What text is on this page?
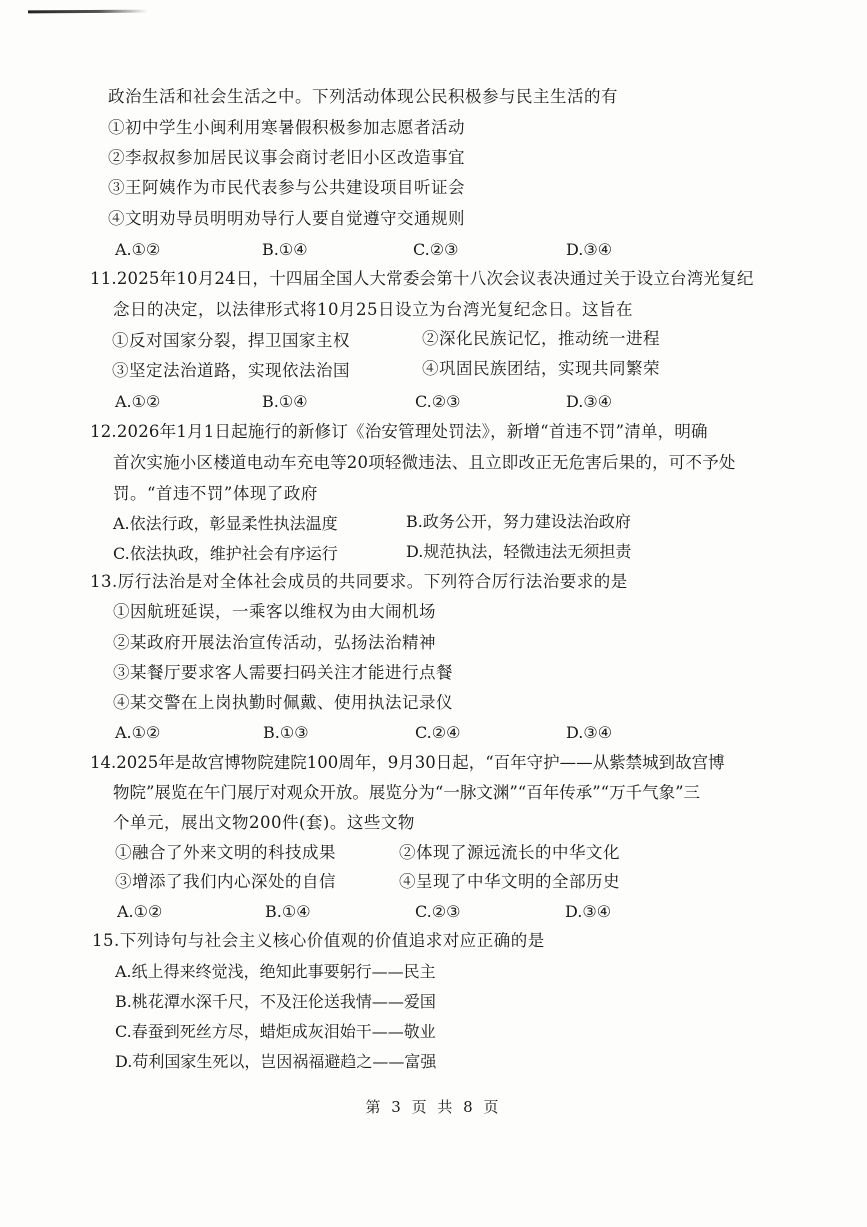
政治生活和社会生活之中。下列活动体现公民积极参与民主生活的有
①初中学生小闽利用寒暑假积极参加志愿者活动
②李叔叔参加居民议事会商讨老旧小区改造事宜
③王阿姨作为市民代表参与公共建设项目听证会
④文明劝导员明明劝导行人要自觉遵守交通规则
A.①②	B.①④	C.②③	D.③④
11.2025年10月24日，十四届全国人大常委会第十八次会议表决通过关于设立台湾光复纪
念日的决定，以法律形式将10月25日设立为台湾光复纪念日。这旨在
①反对国家分裂，捍卫国家主权	②深化民族记忆，推动统一进程
③坚定法治道路，实现依法治国	④巩固民族团结，实现共同繁荣
A.①②	B.①④	C.②③	D.③④
12.2026年1月1日起施行的新修订《治安管理处罚法》，新增“首违不罚”清单，明确
首次实施小区楼道电动车充电等20项轻微违法、且立即改正无危害后果的，可不予处
罚。“首违不罚”体现了政府
A.依法行政，彰显柔性执法温度	B.政务公开，努力建设法治政府
C.依法执政，维护社会有序运行	D.规范执法，轻微违法无须担责
13.厉行法治是对全体社会成员的共同要求。下列符合厉行法治要求的是
①因航班延误，一乘客以维权为由大闹机场
②某政府开展法治宣传活动，弘扬法治精神
③某餐厅要求客人需要扫码关注才能进行点餐
④某交警在上岗执勤时佩戴、使用执法记录仪
A.①②	B.①③	C.②④	D.③④
14.2025年是故宫博物院建院100周年，9月30日起，“百年守护——从紫禁城到故宫博
物院”展览在午门展厅对观众开放。展览分为“一脉文渊”“百年传承”“万千气象”三
个单元，展出文物200件(套)。这些文物
①融合了外来文明的科技成果	②体现了源远流长的中华文化
③增添了我们内心深处的自信	④呈现了中华文明的全部历史
A.①②	B.①④	C.②③	D.③④
15.下列诗句与社会主义核心价值观的价值追求对应正确的是
A.纸上得来终觉浅，绝知此事要躬行——民主
B.桃花潭水深千尺，不及汪伦送我情——爱国
C.春蚕到死丝方尽，蜡炬成灰泪始干——敬业
D.苟利国家生死以，岂因祸福避趋之——富强
第 3 页 共 8 页
